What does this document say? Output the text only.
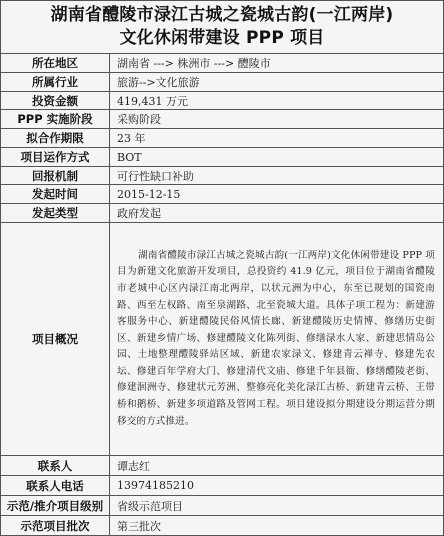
湖南省醴陵市渌江古城之瓷城古韵(一江两岸)
文化休闲带建设 PPP 项目
所在地区	湖南省 ---> 株洲市 ---> 醴陵市
所属行业	旅游-->文化旅游
投资金额	419,431 万元
PPP 实施阶段	采购阶段
拟合作期限	23 年
项目运作方式	BOT
回报机制	可行性缺口补助
发起时间	2015-12-15
发起类型	政府发起
项目概况	湖南省醴陵市渌江古城之瓷城古韵(一江两岸)文化休闲带建设 PPP 项目为新建文化旅游开发项目，总投资约 41.9 亿元，项目位于湖南省醴陵市老城中心区内渌江南北两岸，以状元洲为中心，东至已规划的国瓷南路、西至左权路、南至泉湖路、北至瓷城大道。具体子项工程为：新建游客服务中心、新建醴陵民俗风情长廊、新建醴陵历史情博、修缮历史街区、新建乡情广场、修建醴陵文化陈列街、修缮渌水人家、新建思情岛公园、土地整理醴陵驿站区域、新建农家渌文、修建青云禅寺、修建先农坛、修建百年学府大门、修建清代文庙、修建千年县衙、修缮醴陵老街、修建洄洲寺、修建状元芳洲、整修亮化美化渌江古桥、新建青云桥、王带桥和鹅桥、新建多项道路及管网工程。项目建设拟分期建设分期运营分期移交的方式推进。

联系人	谭志红
联系人电话	13974185210
示范/推介项目级别	省级示范项目
示范项目批次	第三批次
